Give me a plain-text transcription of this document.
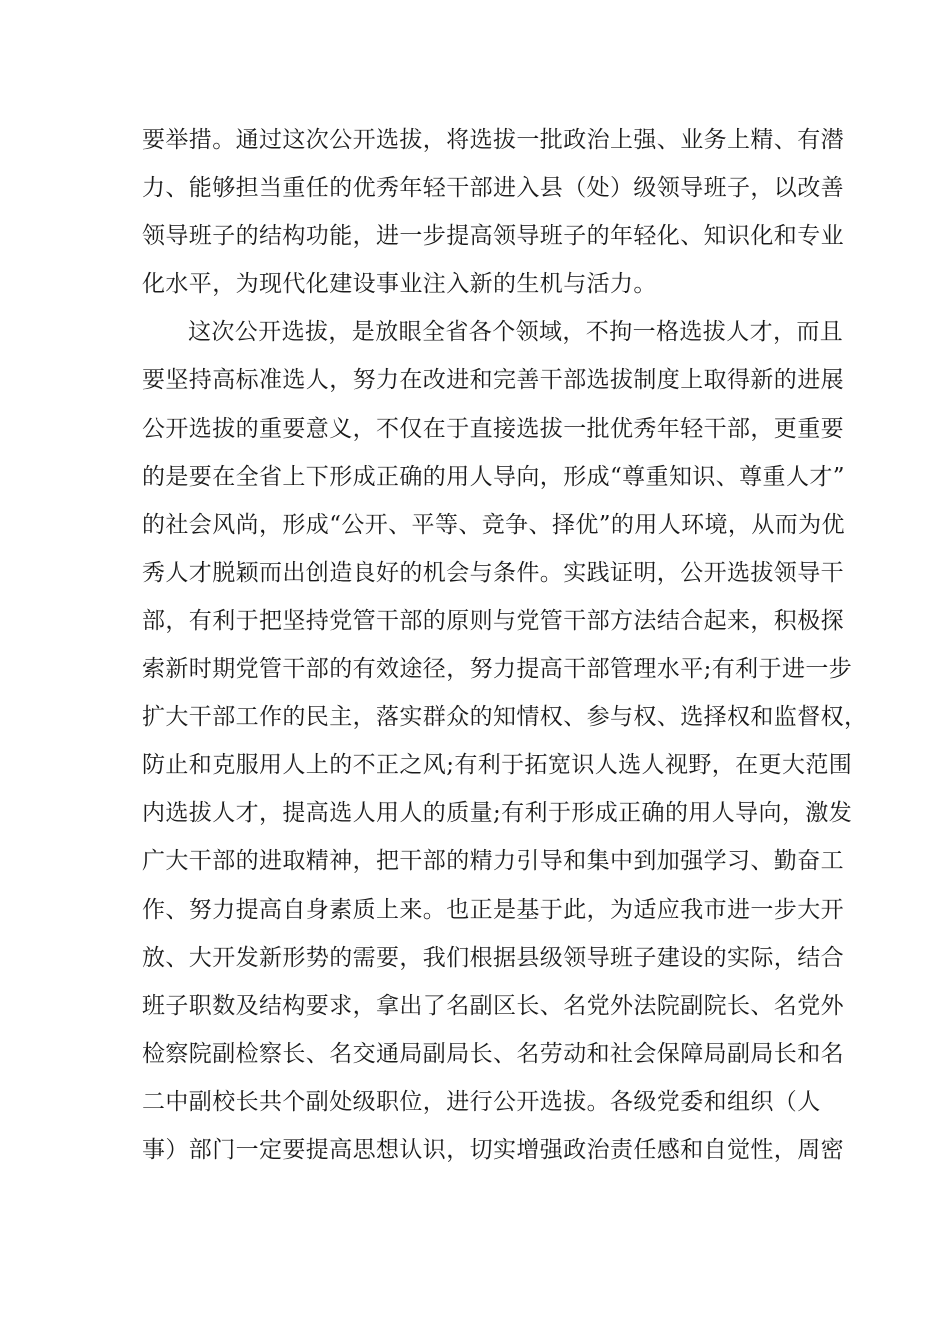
要举措。通过这次公开选拔，将选拔一批政治上强、业务上精、有潜
力、能够担当重任的优秀年轻干部进入县（处）级领导班子，以改善
领导班子的结构功能，进一步提高领导班子的年轻化、知识化和专业
化水平，为现代化建设事业注入新的生机与活力。
这次公开选拔，是放眼全省各个领域，不拘一格选拔人才，而且
要坚持高标准选人，努力在改进和完善干部选拔制度上取得新的进展
公开选拔的重要意义，不仅在于直接选拔一批优秀年轻干部，更重要
的是要在全省上下形成正确的用人导向，形成“尊重知识、尊重人才”
的社会风尚，形成“公开、平等、竞争、择优”的用人环境，从而为优
秀人才脱颖而出创造良好的机会与条件。实践证明，公开选拔领导干
部，有利于把坚持党管干部的原则与党管干部方法结合起来，积极探
索新时期党管干部的有效途径，努力提高干部管理水平;有利于进一步
扩大干部工作的民主，落实群众的知情权、参与权、选择权和监督权，
防止和克服用人上的不正之风;有利于拓宽识人选人视野，在更大范围
内选拔人才，提高选人用人的质量;有利于形成正确的用人导向，激发
广大干部的进取精神，把干部的精力引导和集中到加强学习、勤奋工
作、努力提高自身素质上来。也正是基于此，为适应我市进一步大开
放、大开发新形势的需要，我们根据县级领导班子建设的实际，结合
班子职数及结构要求，拿出了名副区长、名党外法院副院长、名党外
检察院副检察长、名交通局副局长、名劳动和社会保障局副局长和名
二中副校长共个副处级职位，进行公开选拔。各级党委和组织（人
事）部门一定要提高思想认识，切实增强政治责任感和自觉性，周密
